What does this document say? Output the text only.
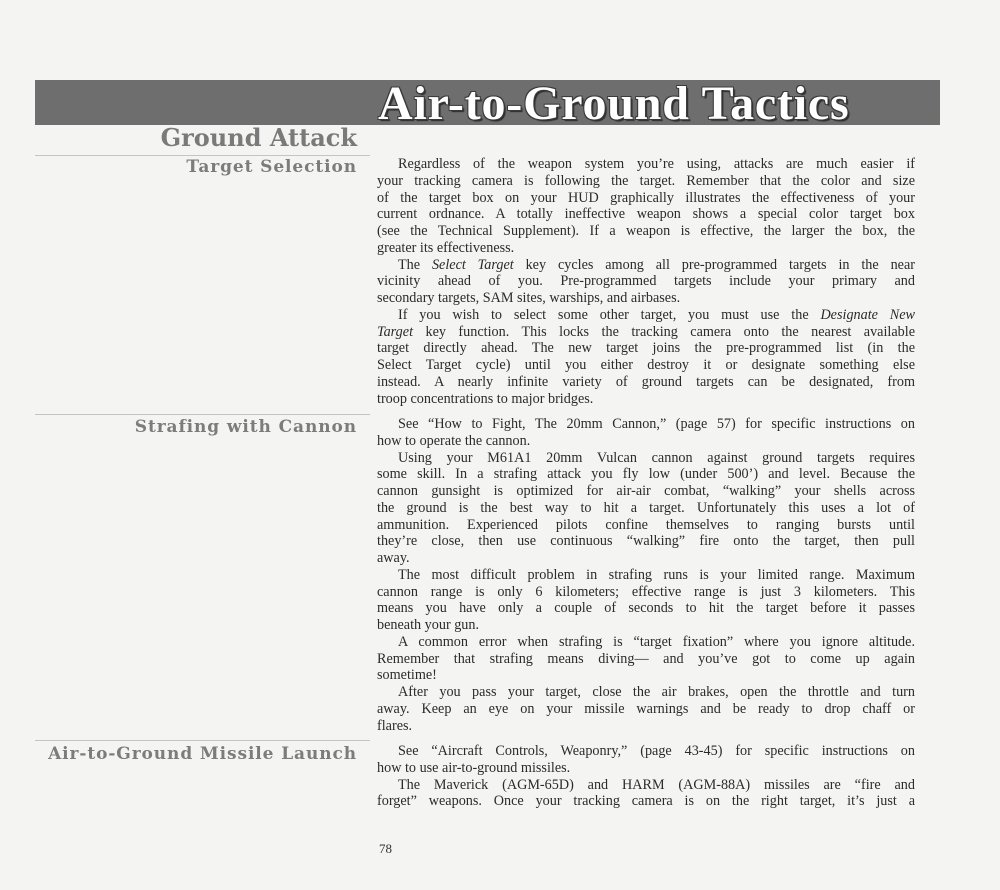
Air-to-Ground Tactics
Ground Attack
Target Selection	Regardless of the weapon system you’re using, attacks are much easier if
your tracking camera is following the target. Remember that the color and size
of the target box on your HUD graphically illustrates the effectiveness of your
current ordnance. A totally ineffective weapon shows a special color target box
(see the Technical Supplement). If a weapon is effective, the larger the box, the
greater its effectiveness.
The Select Target key cycles among all pre-programmed targets in the near
vicinity ahead of you. Pre-programmed targets include your primary and
secondary targets, SAM sites, warships, and airbases.
If you wish to select some other target, you must use the Designate New
Target key function. This locks the tracking camera onto the nearest available
target directly ahead. The new target joins the pre-programmed list (in the
Select Target cycle) until you either destroy it or designate something else
instead. A nearly infinite variety of ground targets can be designated, from
troop concentrations to major bridges.
Strafing with Cannon	See “How to Fight, The 20mm Cannon,” (page 57) for specific instructions on
how to operate the cannon.
Using your M61A1 20mm Vulcan cannon against ground targets requires
some skill. In a strafing attack you fly low (under 500’) and level. Because the
cannon gunsight is optimized for air-air combat, “walking” your shells across
the ground is the best way to hit a target. Unfortunately this uses a lot of
ammunition. Experienced pilots confine themselves to ranging bursts until
they’re close, then use continuous “walking” fire onto the target, then pull
away.
The most difficult problem in strafing runs is your limited range. Maximum
cannon range is only 6 kilometers; effective range is just 3 kilometers. This
means you have only a couple of seconds to hit the target before it passes
beneath your gun.
A common error when strafing is “target fixation” where you ignore altitude.
Remember that strafing means diving— and you’ve got to come up again
sometime!
After you pass your target, close the air brakes, open the throttle and turn
away. Keep an eye on your missile warnings and be ready to drop chaff or
flares.
Air-to-Ground Missile Launch	See “Aircraft Controls, Weaponry,” (page 43-45) for specific instructions on
how to use air-to-ground missiles.
The Maverick (AGM-65D) and HARM (AGM-88A) missiles are “fire and
forget” weapons. Once your tracking camera is on the right target, it’s just a
78
